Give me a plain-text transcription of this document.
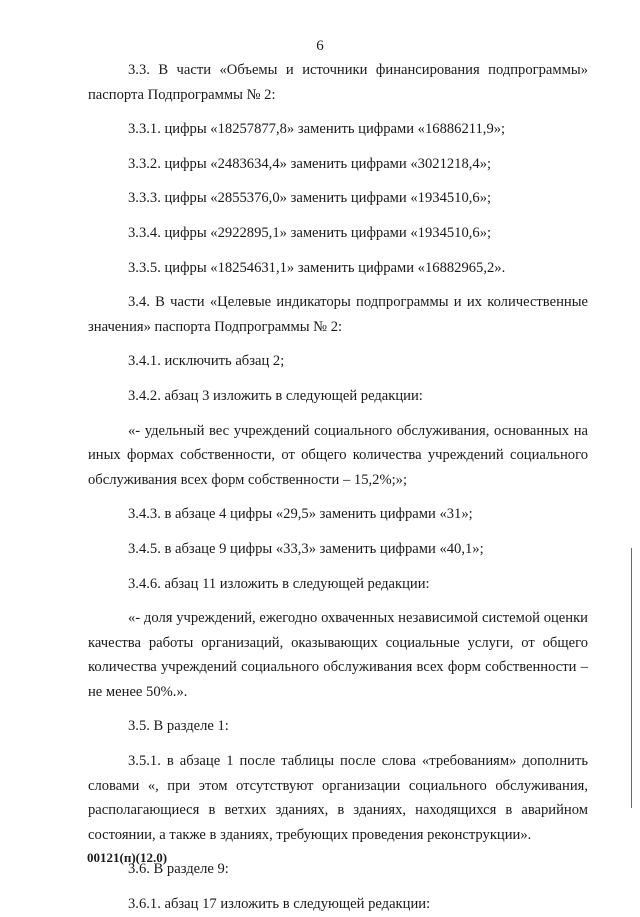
6

3.3. В части «Объемы и источники финансирования подпрограммы» паспорта Подпрограммы № 2:

3.3.1. цифры «18257877,8» заменить цифрами «16886211,9»;

3.3.2. цифры «2483634,4» заменить цифрами «3021218,4»;

3.3.3. цифры «2855376,0» заменить цифрами «1934510,6»;

3.3.4. цифры «2922895,1» заменить цифрами «1934510,6»;

3.3.5. цифры «18254631,1» заменить цифрами «16882965,2».

3.4. В части «Целевые индикаторы подпрограммы и их количественные значения» паспорта Подпрограммы № 2:

3.4.1. исключить абзац 2;

3.4.2. абзац 3 изложить в следующей редакции:

«- удельный вес учреждений социального обслуживания, основанных на иных формах собственности, от общего количества учреждений социального обслуживания всех форм собственности – 15,2%;»;

3.4.3. в абзаце 4 цифры «29,5» заменить цифрами «31»;

3.4.5. в абзаце 9 цифры «33,3» заменить цифрами «40,1»;

3.4.6. абзац 11 изложить в следующей редакции:

«- доля учреждений, ежегодно охваченных независимой системой оценки качества работы организаций, оказывающих социальные услуги, от общего количества учреждений социального обслуживания всех форм собственности – не менее 50%.».

3.5. В разделе 1:

3.5.1. в абзаце 1 после таблицы после слова «требованиям» дополнить словами «, при этом отсутствуют организации социального обслуживания, располагающиеся в ветхих зданиях, в зданиях, находящихся в аварийном состоянии, а также в зданиях, требующих проведения реконструкции».

3.6. В разделе 9:

3.6.1. абзац 17 изложить в следующей редакции:

00121(п)(12.0)
